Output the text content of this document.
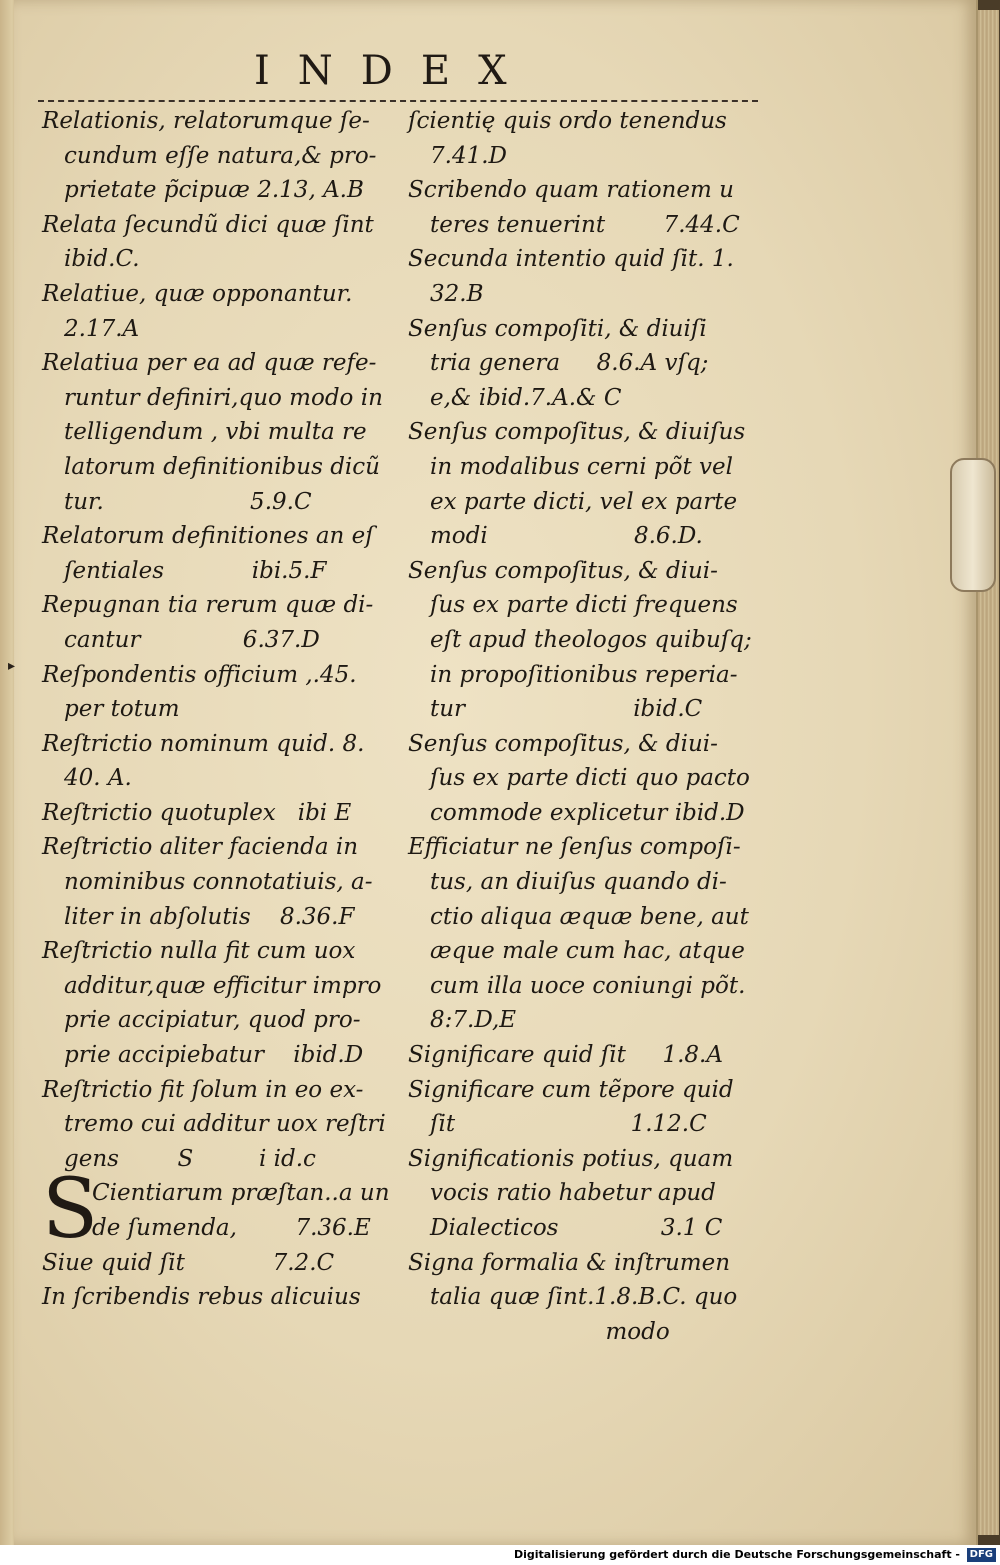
INDEX
▸
Relationis, relatorumque ſe-
cundum eſſe natura,& pro-
prietate p̃cipuæ 2.13, A.B
Relata ſecundũ dici quæ ſint
ibid.C.
Relatiue, quæ opponantur.
2.17.A
Relatiua per ea ad quæ refe-
runtur definiri,quo modo in
telligendum , vbi multa re
latorum definitionibus dicũ
tur.                    5.9.C
Relatorum definitiones an eſ
ſentiales            ibi.5.F
Repugnan tia rerum quæ di-
cantur              6.37.D
Reſpondentis officium ,.45.
per totum
Reſtrictio nominum quid. 8.
40. A.
Reſtrictio quotuplex   ibi E
Reſtrictio aliter facienda in
nominibus connotatiuis, a-
liter in abſolutis    8.36.F
Reſtrictio nulla fit cum uox
additur,quæ efficitur impro
prie accipiatur, quod pro-
prie accipiebatur    ibid.D
Reſtrictio fit ſolum in eo ex-
tremo cui additur uox reſtri
gens        S         i id.c
S
Cientiarum præſtan..a un
de ſumenda,        7.36.E
Siue quid ſit            7.2.C
In ſcribendis rebus alicuius
ſcientię quis ordo tenendus
7.41.D
Scribendo quam rationem u
teres tenuerint        7.44.C
Secunda intentio quid ſit. 1.
32.B
Senſus compoſiti, & diuiſi
tria genera     8.6.A vſq;
e,& ibid.7.A.& C
Senſus compoſitus, & diuiſus
in modalibus cerni põt vel
ex parte dicti, vel ex parte
modi                    8.6.D.
Senſus compoſitus, & diui-
ſus ex parte dicti frequens
eſt apud theologos quibuſq;
in propoſitionibus reperia-
tur                       ibid.C
Senſus compoſitus, & diui-
ſus ex parte dicti quo pacto
commode explicetur ibid.D
Efficiatur ne ſenſus compoſi-
tus, an diuiſus quando di-
ctio aliqua æquæ bene, aut
æque male cum hac, atque
cum illa uoce coniungi põt.
8:7.D,E
Significare quid ſit     1.8.A
Significare cum tẽpore quid
ſit                        1.12.C
Significationis potius, quam
vocis ratio habetur apud
Dialecticos              3.1 C
Signa formalia & inſtrumen
talia quæ ſint.1.8.B.C. quo
modo
Digitalisierung gefördert durch die Deutsche Forschungsgemeinschaft - DFG
